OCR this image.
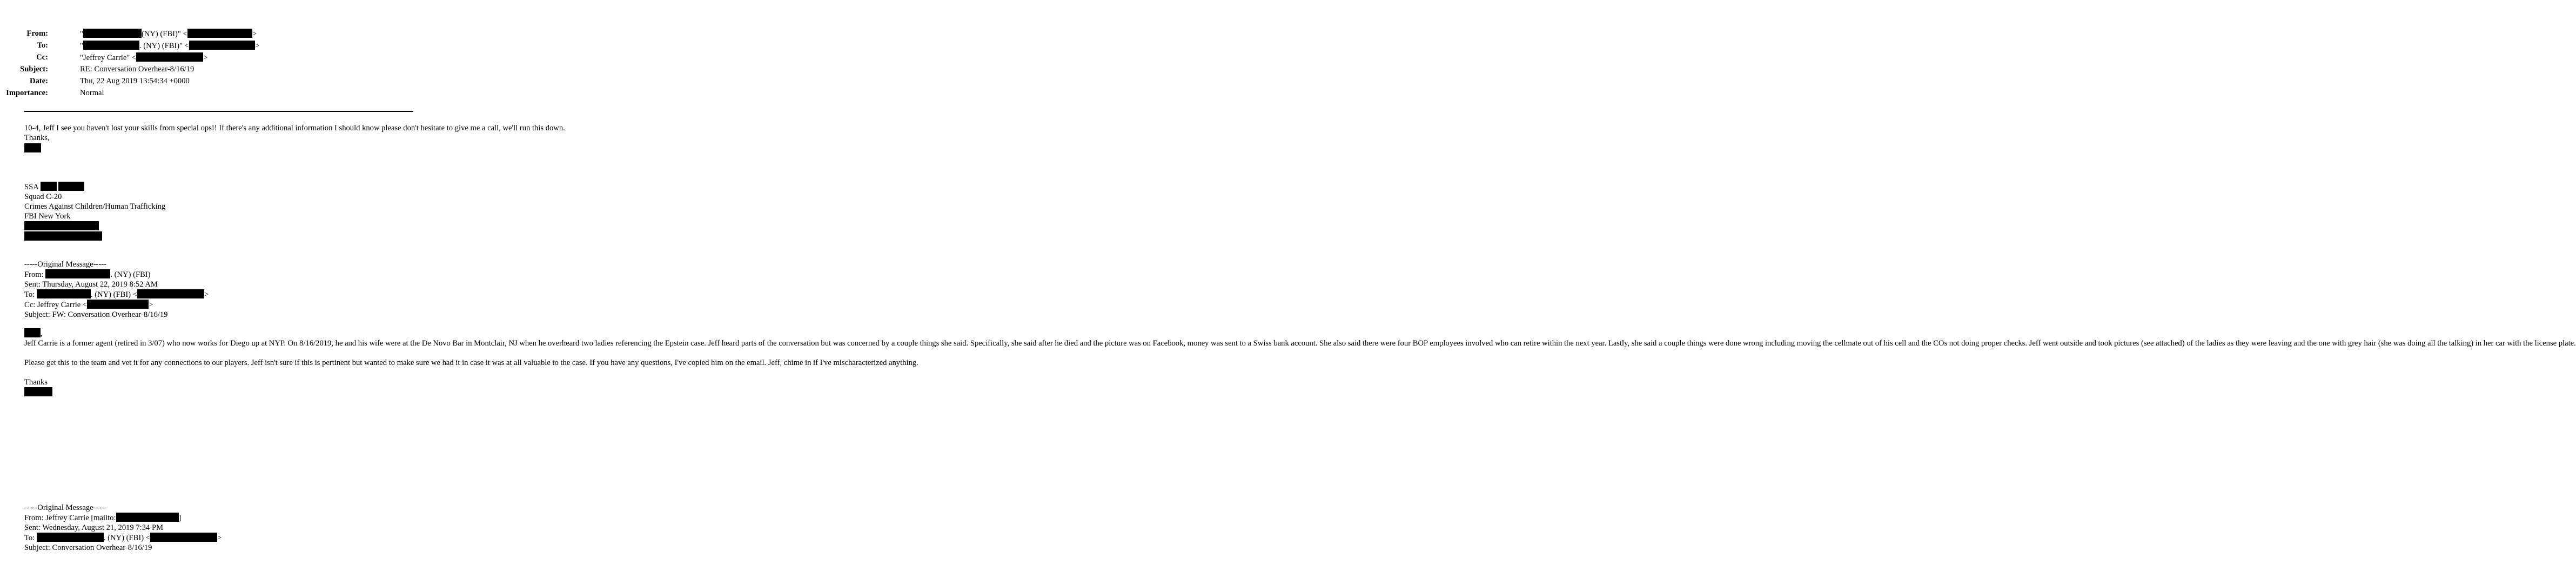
From:	"	(NY) (FBI)" <	>
To:	"	. (NY) (FBI)" <	>
Cc:	"Jeffrey Carrie" <	>
Subject:	RE: Conversation Overhear-8/16/19
Date:	Thu, 22 Aug 2019 13:54:34 +0000
Importance:	Normal
10-4, Jeff I see you haven't lost your skills from special ops!! If there's any additional information I should know please don't hesitate to give me a call, we'll run this down.
Thanks,
SSA
Squad C-20
Crimes Against Children/Human Trafficking
FBI New York
-----Original Message-----
From:	. (NY) (FBI)
Sent: Thursday, August 22, 2019 8:52 AM
To:	. (NY) (FBI) <	>
Cc: Jeffrey Carrie <	>
Subject: FW: Conversation Overhear-8/16/19
,
Jeff Carrie is a former agent (retired in 3/07) who now works for Diego up at NYP. On 8/16/2019, he and his wife were at the De Novo Bar in Montclair, NJ when he overheard two ladies referencing the Epstein case. Jeff heard parts of the conversation but was concerned by a couple things she said. Specifically, she said after he died and the picture was on Facebook, money was sent to a Swiss bank account. She also said there were four BOP employees involved who can retire within the next year. Lastly, she said a couple things were done wrong including moving the cellmate out of his cell and the COs not doing proper checks. Jeff went outside and took pictures (see attached) of the ladies as they were leaving and the one with grey hair (she was doing all the talking) in her car with the license plate.
Please get this to the team and vet it for any connections to our players. Jeff isn't sure if this is pertinent but wanted to make sure we had it in case it was at all valuable to the case. If you have any questions, I've copied him on the email. Jeff, chime in if I've mischaracterized anything.
Thanks
-----Original Message-----
From: Jeffrey Carrie [mailto:	]
Sent: Wednesday, August 21, 2019 7:34 PM
To:	. (NY) (FBI) <	>
Subject: Conversation Overhear-8/16/19
